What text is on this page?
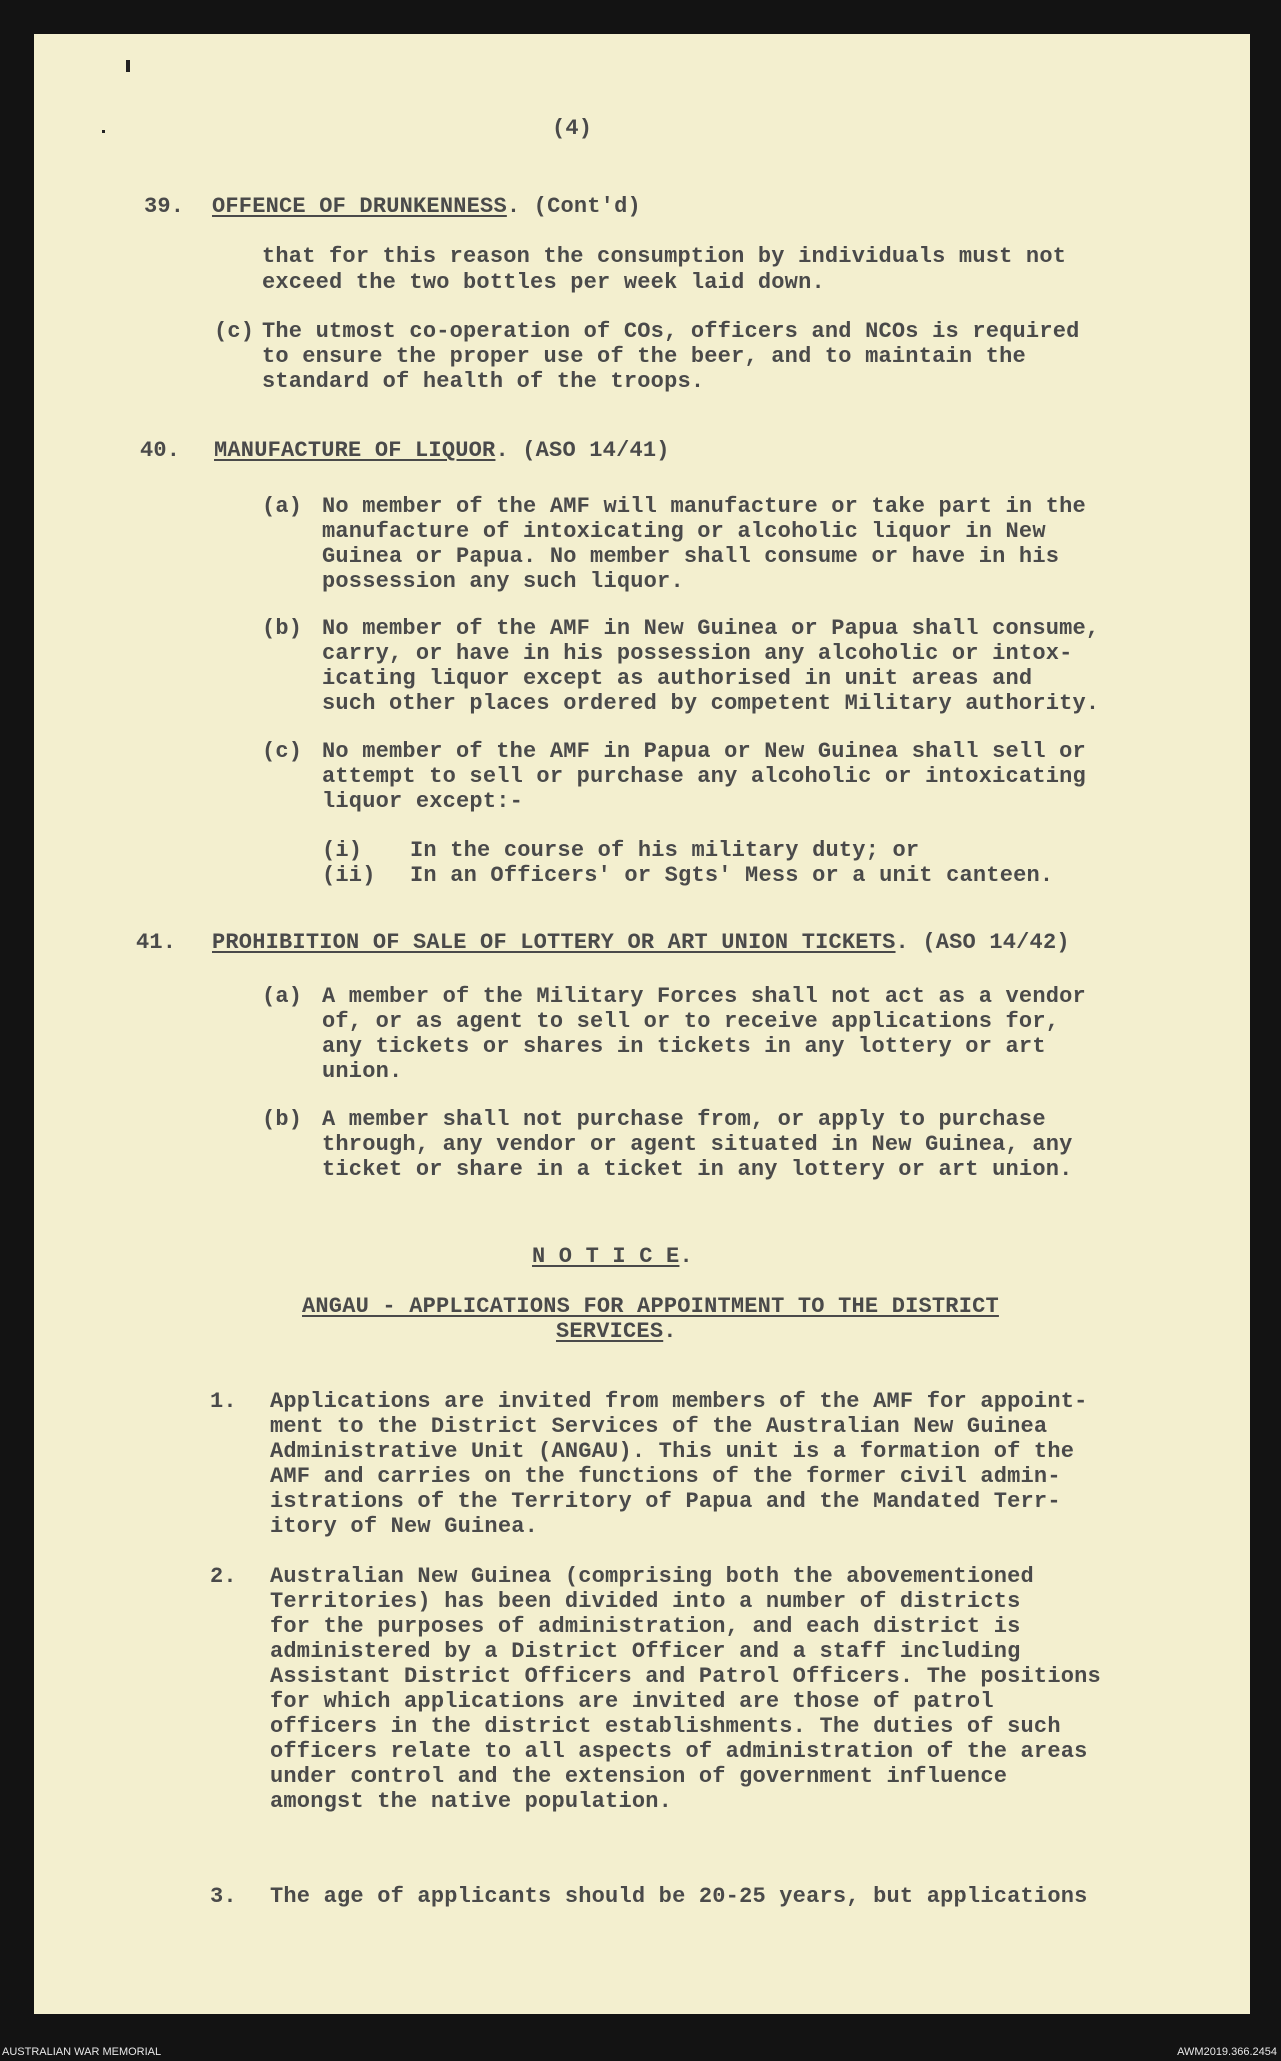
(4)
39. OFFENCE OF DRUNKENNESS. (Cont'd)
that for this reason the consumption by individuals must not
exceed the two bottles per week laid down.
(c) The utmost co-operation of COs, officers and NCOs is required
to ensure the proper use of the beer, and to maintain the
standard of health of the troops.
40. MANUFACTURE OF LIQUOR. (ASO 14/41)
(a) No member of the AMF will manufacture or take part in the
manufacture of intoxicating or alcoholic liquor in New
Guinea or Papua. No member shall consume or have in his
possession any such liquor.
(b) No member of the AMF in New Guinea or Papua shall consume,
carry, or have in his possession any alcoholic or intox-
icating liquor except as authorised in unit areas and
such other places ordered by competent Military authority.
(c) No member of the AMF in Papua or New Guinea shall sell or
attempt to sell or purchase any alcoholic or intoxicating
liquor except:-
(i) In the course of his military duty; or
(ii) In an Officers' or Sgts' Mess or a unit canteen.
41. PROHIBITION OF SALE OF LOTTERY OR ART UNION TICKETS. (ASO 14/42)
(a) A member of the Military Forces shall not act as a vendor
of, or as agent to sell or to receive applications for,
any tickets or shares in tickets in any lottery or art
union.
(b) A member shall not purchase from, or apply to purchase
through, any vendor or agent situated in New Guinea, any
ticket or share in a ticket in any lottery or art union.
N O T I C E.
ANGAU - APPLICATIONS FOR APPOINTMENT TO THE DISTRICT
SERVICES.
1. Applications are invited from members of the AMF for appoint-
ment to the District Services of the Australian New Guinea
Administrative Unit (ANGAU). This unit is a formation of the
AMF and carries on the functions of the former civil admin-
istrations of the Territory of Papua and the Mandated Terr-
itory of New Guinea.
2. Australian New Guinea (comprising both the abovementioned
Territories) has been divided into a number of districts
for the purposes of administration, and each district is
administered by a District Officer and a staff including
Assistant District Officers and Patrol Officers. The positions
for which applications are invited are those of patrol
officers in the district establishments. The duties of such
officers relate to all aspects of administration of the areas
under control and the extension of government influence
amongst the native population.
3. The age of applicants should be 20-25 years, but applications
AUSTRALIAN WAR MEMORIAL	AWM2019.366.2454
